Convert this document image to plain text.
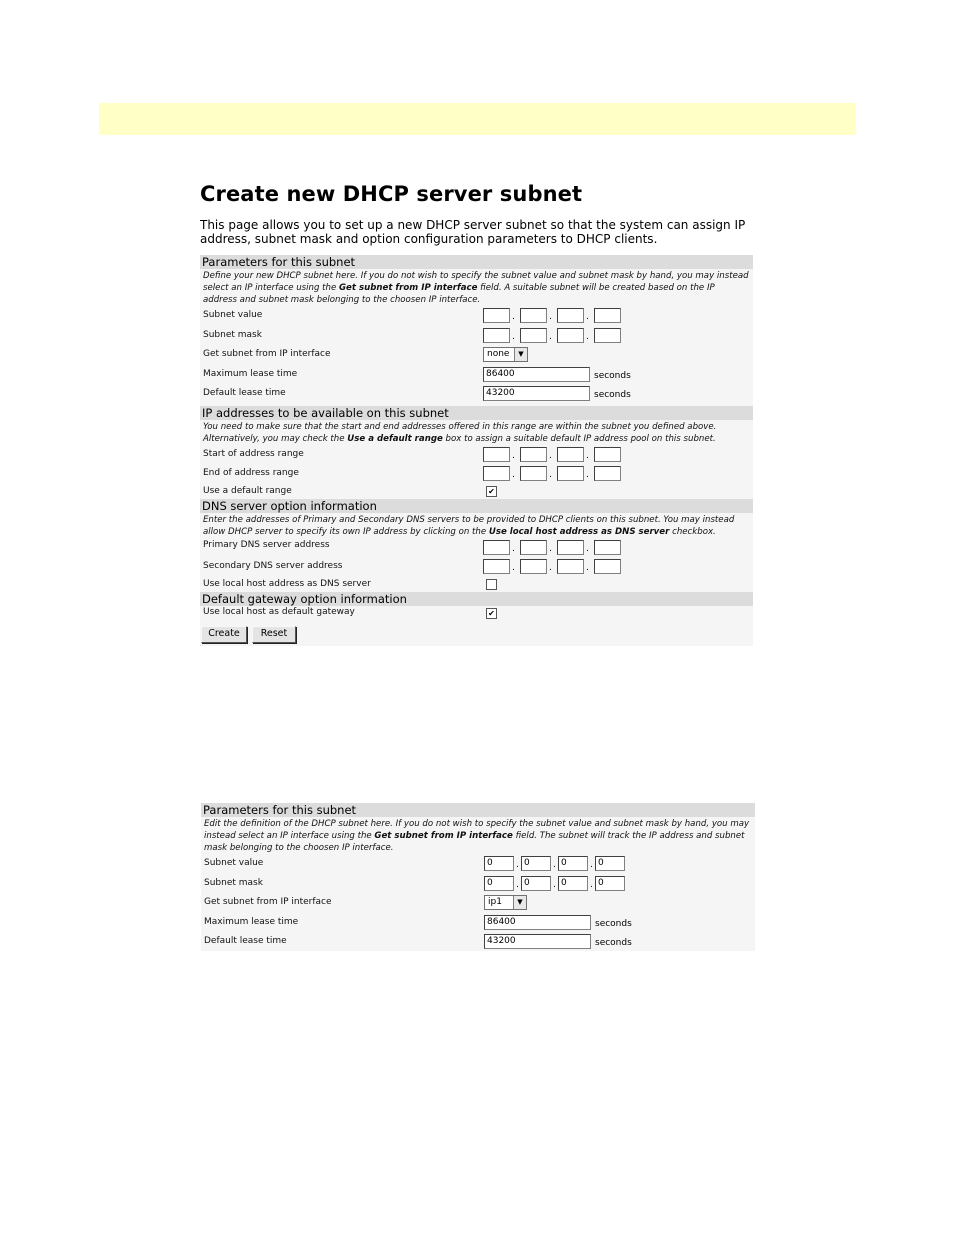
Create new DHCP server subnet
This page allows you to set up a new DHCP server subnet so that the system can assign IP address, subnet mask and option configuration parameters to DHCP clients.
Parameters for this subnet
Define your new DHCP subnet here. If you do not wish to specify the subnet value and subnet mask by hand, you may instead select an IP interface using the Get subnet from IP interface field. A suitable subnet will be created based on the IP address and subnet mask belonging to the choosen IP interface.
Subnet value	.	.	.
Subnet mask	.	.	.
Get subnet from IP interface	none	▼
Maximum lease time	86400	seconds
Default lease time	43200	seconds
IP addresses to be available on this subnet
You need to make sure that the start and end addresses offered in this range are within the subnet you defined above. Alternatively, you may check the Use a default range box to assign a suitable default IP address pool on this subnet.
Start of address range	.	.	.
End of address range	.	.	.
Use a default range	✔
DNS server option information
Enter the addresses of Primary and Secondary DNS servers to be provided to DHCP clients on this subnet. You may instead allow DHCP server to specify its own IP address by clicking on the Use local host address as DNS server checkbox.
Primary DNS server address	.	.	.
Secondary DNS server address	.	.	.
Use local host address as DNS server
Default gateway option information
Use local host as default gateway	✔
Create	Reset
Parameters for this subnet
Edit the definition of the DHCP subnet here. If you do not wish to specify the subnet value and subnet mask by hand, you may instead select an IP interface using the Get subnet from IP interface field. The subnet will track the IP address and subnet mask belonging to the choosen IP interface.
Subnet value	0	. 0	. 0	. 0
Subnet mask	0	. 0	. 0	. 0
Get subnet from IP interface	ip1	▼
Maximum lease time	86400	seconds
Default lease time	43200	seconds
